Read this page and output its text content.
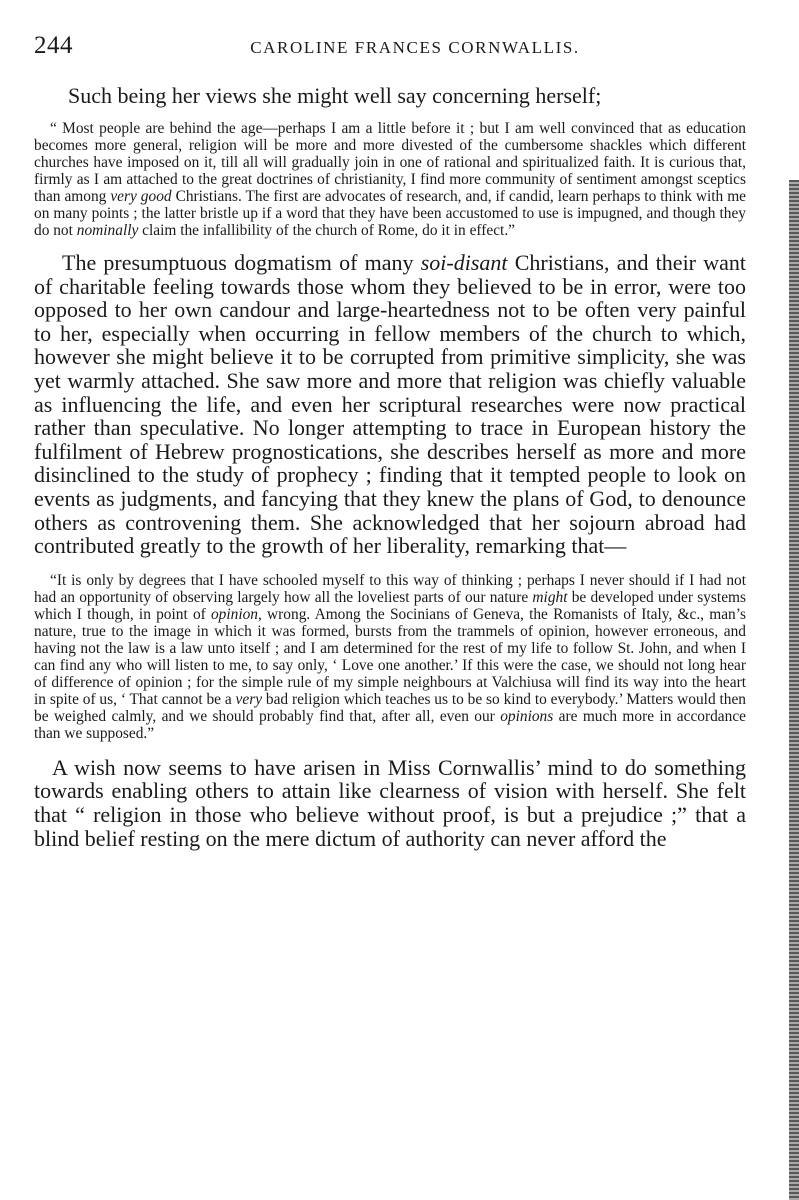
244	CAROLINE FRANCES CORNWALLIS.

Such being her views she might well say concerning herself;

“ Most people are behind the age—perhaps I am a little before it ; but I am well convinced that as education becomes more general, religion will be more and more divested of the cumbersome shackles which different churches have imposed on it, till all will gradually join in one of rational and spiritualized faith. It is curious that, firmly as I am attached to the great doctrines of christianity, I find more community of sentiment amongst sceptics than among very good Christians. The first are advocates of research, and, if candid, learn perhaps to think with me on many points ; the latter bristle up if a word that they have been accustomed to use is impugned, and though they do not nominally claim the infallibility of the church of Rome, do it in effect.”

The presumptuous dogmatism of many soi-disant Christians, and their want of charitable feeling towards those whom they believed to be in error, were too opposed to her own candour and large-heartedness not to be often very painful to her, especially when occurring in fellow members of the church to which, however she might believe it to be corrupted from primitive simplicity, she was yet warmly attached. She saw more and more that religion was chiefly valuable as influencing the life, and even her scriptural researches were now practical rather than speculative. No longer attempting to trace in European history the fulfilment of Hebrew prognostications, she describes herself as more and more disinclined to the study of prophecy ; finding that it tempted people to look on events as judgments, and fancying that they knew the plans of God, to denounce others as controvening them. She acknowledged that her sojourn abroad had contributed greatly to the growth of her liberality, remarking that—

“It is only by degrees that I have schooled myself to this way of thinking ; perhaps I never should if I had not had an opportunity of observing largely how all the loveliest parts of our nature might be developed under systems which I though, in point of opinion, wrong. Among the Socinians of Geneva, the Romanists of Italy, &c., man’s nature, true to the image in which it was formed, bursts from the trammels of opinion, however erroneous, and having not the law is a law unto itself ; and I am determined for the rest of my life to follow St. John, and when I can find any who will listen to me, to say only, ‘ Love one another.’ If this were the case, we should not long hear of difference of opinion ; for the simple rule of my simple neighbours at Valchiusa will find its way into the heart in spite of us, ‘ That cannot be a very bad religion which teaches us to be so kind to everybody.’ Matters would then be weighed calmly, and we should probably find that, after all, even our opinions are much more in accordance than we supposed.”

A wish now seems to have arisen in Miss Cornwallis’ mind to do something towards enabling others to attain like clearness of vision with herself. She felt that “ religion in those who believe without proof, is but a prejudice ;” that a blind belief resting on the mere dictum of authority can never afford the
